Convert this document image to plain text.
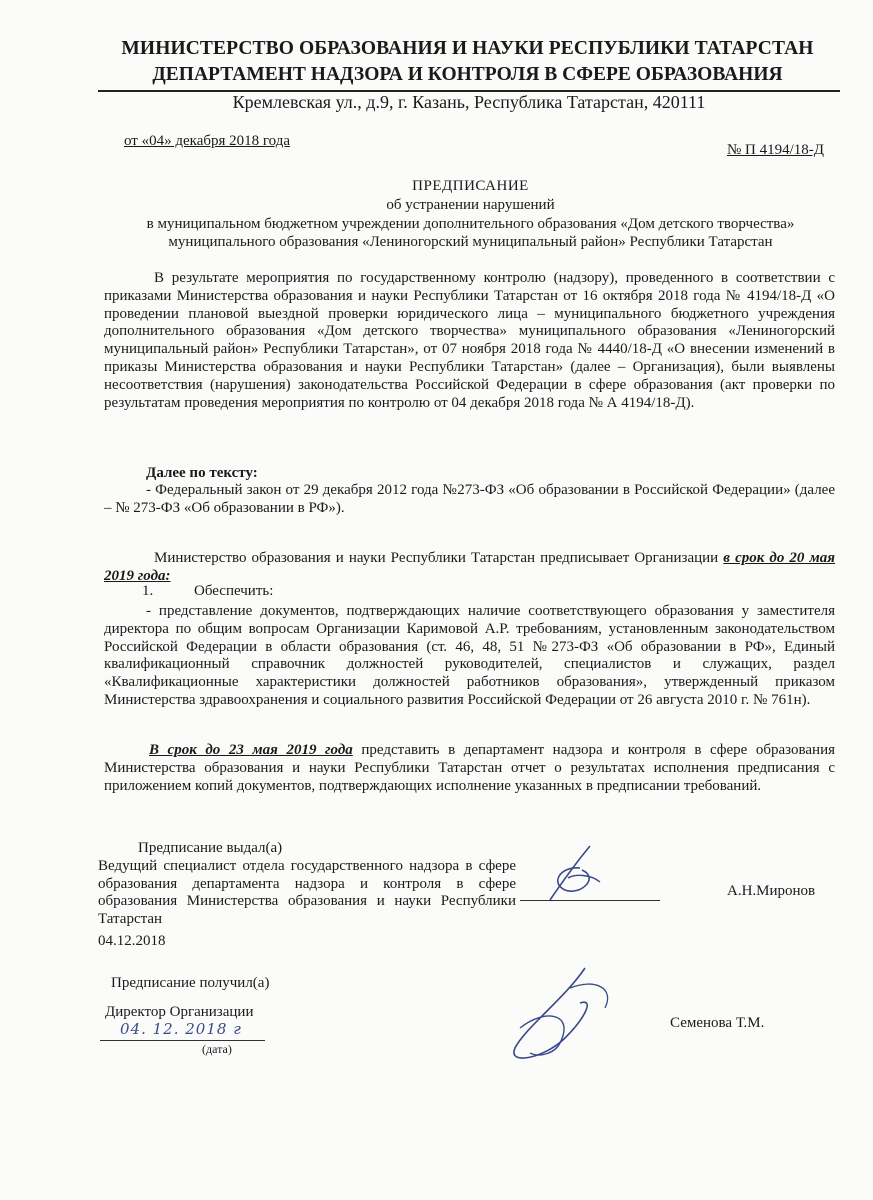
МИНИСТЕРСТВО ОБРАЗОВАНИЯ И НАУКИ РЕСПУБЛИКИ ТАТАРСТАН
ДЕПАРТАМЕНТ НАДЗОРА И КОНТРОЛЯ В СФЕРЕ ОБРАЗОВАНИЯ
Кремлевская ул., д.9, г. Казань, Республика Татарстан, 420111
от «04» декабря 2018 года
№ П 4194/18-Д
ПРЕДПИСАНИЕ
об устранении нарушений
в муниципальном бюджетном учреждении дополнительного образования «Дом детского творчества» муниципального образования «Лениногорский муниципальный район» Республики Татарстан
В результате мероприятия по государственному контролю (надзору), проведенного в соответствии с приказами Министерства образования и науки Республики Татарстан от 16 октября 2018 года № 4194/18-Д «О проведении плановой выездной проверки юридического лица – муниципального бюджетного учреждения дополнительного образования «Дом детского творчества» муниципального образования «Лениногорский муниципальный район» Республики Татарстан», от 07 ноября 2018 года № 4440/18-Д «О внесении изменений в приказы Министерства образования и науки Республики Татарстан» (далее – Организация), были выявлены несоответствия (нарушения) законодательства Российской Федерации в сфере образования (акт проверки по результатам проведения мероприятия по контролю от 04 декабря 2018 года № А 4194/18-Д).
Далее по тексту:
- Федеральный закон от 29 декабря 2012 года №273-ФЗ «Об образовании в Российской Федерации» (далее – № 273-ФЗ «Об образовании в РФ»).
Министерство образования и науки Республики Татарстан предписывает Организации в срок до 20 мая 2019 года:
1.	Обеспечить:
- представление документов, подтверждающих наличие соответствующего образования у заместителя директора по общим вопросам Организации Каримовой А.Р. требованиям, установленным законодательством Российской Федерации в области образования (ст. 46, 48, 51 №273-ФЗ «Об образовании в РФ», Единый квалификационный справочник должностей руководителей, специалистов и служащих, раздел «Квалификационные характеристики должностей работников образования», утвержденный приказом Министерства здравоохранения и социального развития Российской Федерации от 26 августа 2010 г. № 761н).
В срок до 23 мая 2019 года представить в департамент надзора и контроля в сфере образования Министерства образования и науки Республики Татарстан отчет о результатах исполнения предписания с приложением копий документов, подтверждающих исполнение указанных в предписании требований.
Предписание выдал(а)
Ведущий специалист отдела государственного надзора в сфере образования департамента надзора и контроля в сфере образования Министерства образования и науки Республики Татарстан
04.12.2018
А.Н.Миронов
Предписание получил(а)
Директор Организации
04. 12. 2018 г
(дата)
Семенова Т.М.
